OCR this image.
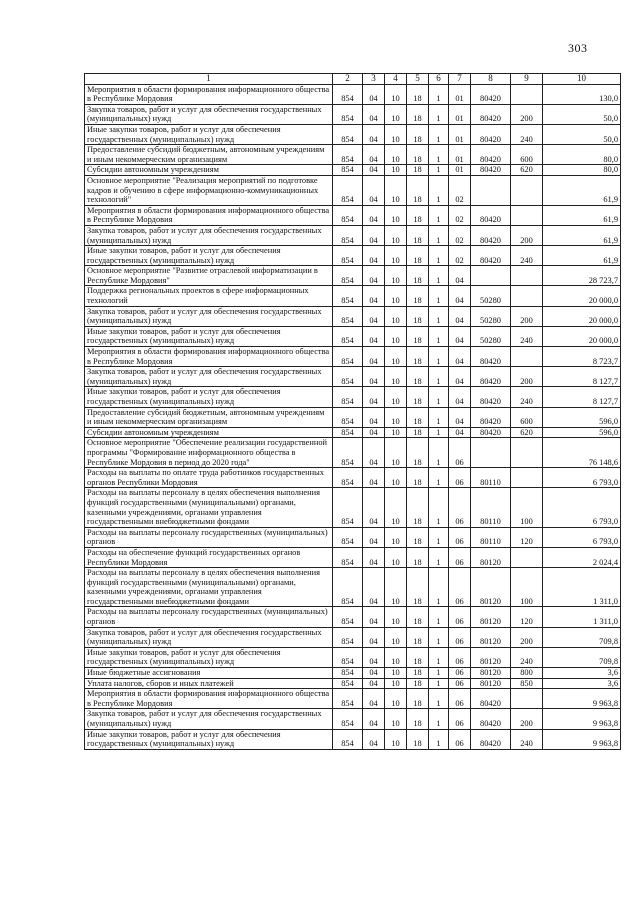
303
1	2	3	4	5	6	7	8	9	10
Мероприятия в области формирования информационного общества в Республике Мордовия	854	04	10	18	1	01	80420		130,0
Закупка товаров, работ и услуг для обеспечения государственных (муниципальных) нужд	854	04	10	18	1	01	80420	200	50,0
Иные закупки товаров, работ и услуг для обеспечения государственных (муниципальных) нужд	854	04	10	18	1	01	80420	240	50,0
Предоставление субсидий бюджетным, автономным учреждениям и иным некоммерческим организациям	854	04	10	18	1	01	80420	600	80,0
Субсидии автономным учреждениям	854	04	10	18	1	01	80420	620	80,0
Основное мероприятие "Реализация мероприятий по подготовке кадров и обучению в сфере информационно-коммуникационных технологий"	854	04	10	18	1	02			61,9
Мероприятия в области формирования информационного общества в Республике Мордовия	854	04	10	18	1	02	80420		61,9
Закупка товаров, работ и услуг для обеспечения государственных (муниципальных) нужд	854	04	10	18	1	02	80420	200	61,9
Иные закупки товаров, работ и услуг для обеспечения государственных (муниципальных) нужд	854	04	10	18	1	02	80420	240	61,9
Основное мероприятие "Развитие отраслевой информатизации в Республике Мордовия"	854	04	10	18	1	04			28 723,7
Поддержка региональных проектов в сфере информационных технологий	854	04	10	18	1	04	50280		20 000,0
Закупка товаров, работ и услуг для обеспечения государственных (муниципальных) нужд	854	04	10	18	1	04	50280	200	20 000,0
Иные закупки товаров, работ и услуг для обеспечения государственных (муниципальных) нужд	854	04	10	18	1	04	50280	240	20 000,0
Мероприятия в области формирования информационного общества в Республике Мордовия	854	04	10	18	1	04	80420		8 723,7
Закупка товаров, работ и услуг для обеспечения государственных (муниципальных) нужд	854	04	10	18	1	04	80420	200	8 127,7
Иные закупки товаров, работ и услуг для обеспечения государственных (муниципальных) нужд	854	04	10	18	1	04	80420	240	8 127,7
Предоставление субсидий бюджетным, автономным учреждениям и иным некоммерческим организациям	854	04	10	18	1	04	80420	600	596,0
Субсидии автономным учреждениям	854	04	10	18	1	04	80420	620	596,0
Основное мероприятие "Обеспечение реализации государственной программы "Формирование информационного общества в Республике Мордовия в период до 2020 года"	854	04	10	18	1	06			76 148,6
Расходы на выплаты по оплате труда работников государственных органов Республики Мордовия	854	04	10	18	1	06	80110		6 793,0
Расходы на выплаты персоналу в целях обеспечения выполнения функций государственными (муниципальными) органами, казенными учреждениями, органами управления государственными внебюджетными фондами	854	04	10	18	1	06	80110	100	6 793,0
Расходы на выплаты персоналу государственных (муниципальных) органов	854	04	10	18	1	06	80110	120	6 793,0
Расходы на обеспечение функций государственных органов Республики Мордовия	854	04	10	18	1	06	80120		2 024,4
Расходы на выплаты персоналу в целях обеспечения выполнения функций государственными (муниципальными) органами, казенными учреждениями, органами управления государственными внебюджетными фондами	854	04	10	18	1	06	80120	100	1 311,0
Расходы на выплаты персоналу государственных (муниципальных) органов	854	04	10	18	1	06	80120	120	1 311,0
Закупка товаров, работ и услуг для обеспечения государственных (муниципальных) нужд	854	04	10	18	1	06	80120	200	709,8
Иные закупки товаров, работ и услуг для обеспечения государственных (муниципальных) нужд	854	04	10	18	1	06	80120	240	709,8
Иные бюджетные ассигнования	854	04	10	18	1	06	80120	800	3,6
Уплата налогов, сборов и иных платежей	854	04	10	18	1	06	80120	850	3,6
Мероприятия в области формирования информационного общества в Республике Мордовия	854	04	10	18	1	06	80420		9 963,8
Закупка товаров, работ и услуг для обеспечения государственных (муниципальных) нужд	854	04	10	18	1	06	80420	200	9 963,8
Иные закупки товаров, работ и услуг для обеспечения государственных (муниципальных) нужд	854	04	10	18	1	06	80420	240	9 963,8
